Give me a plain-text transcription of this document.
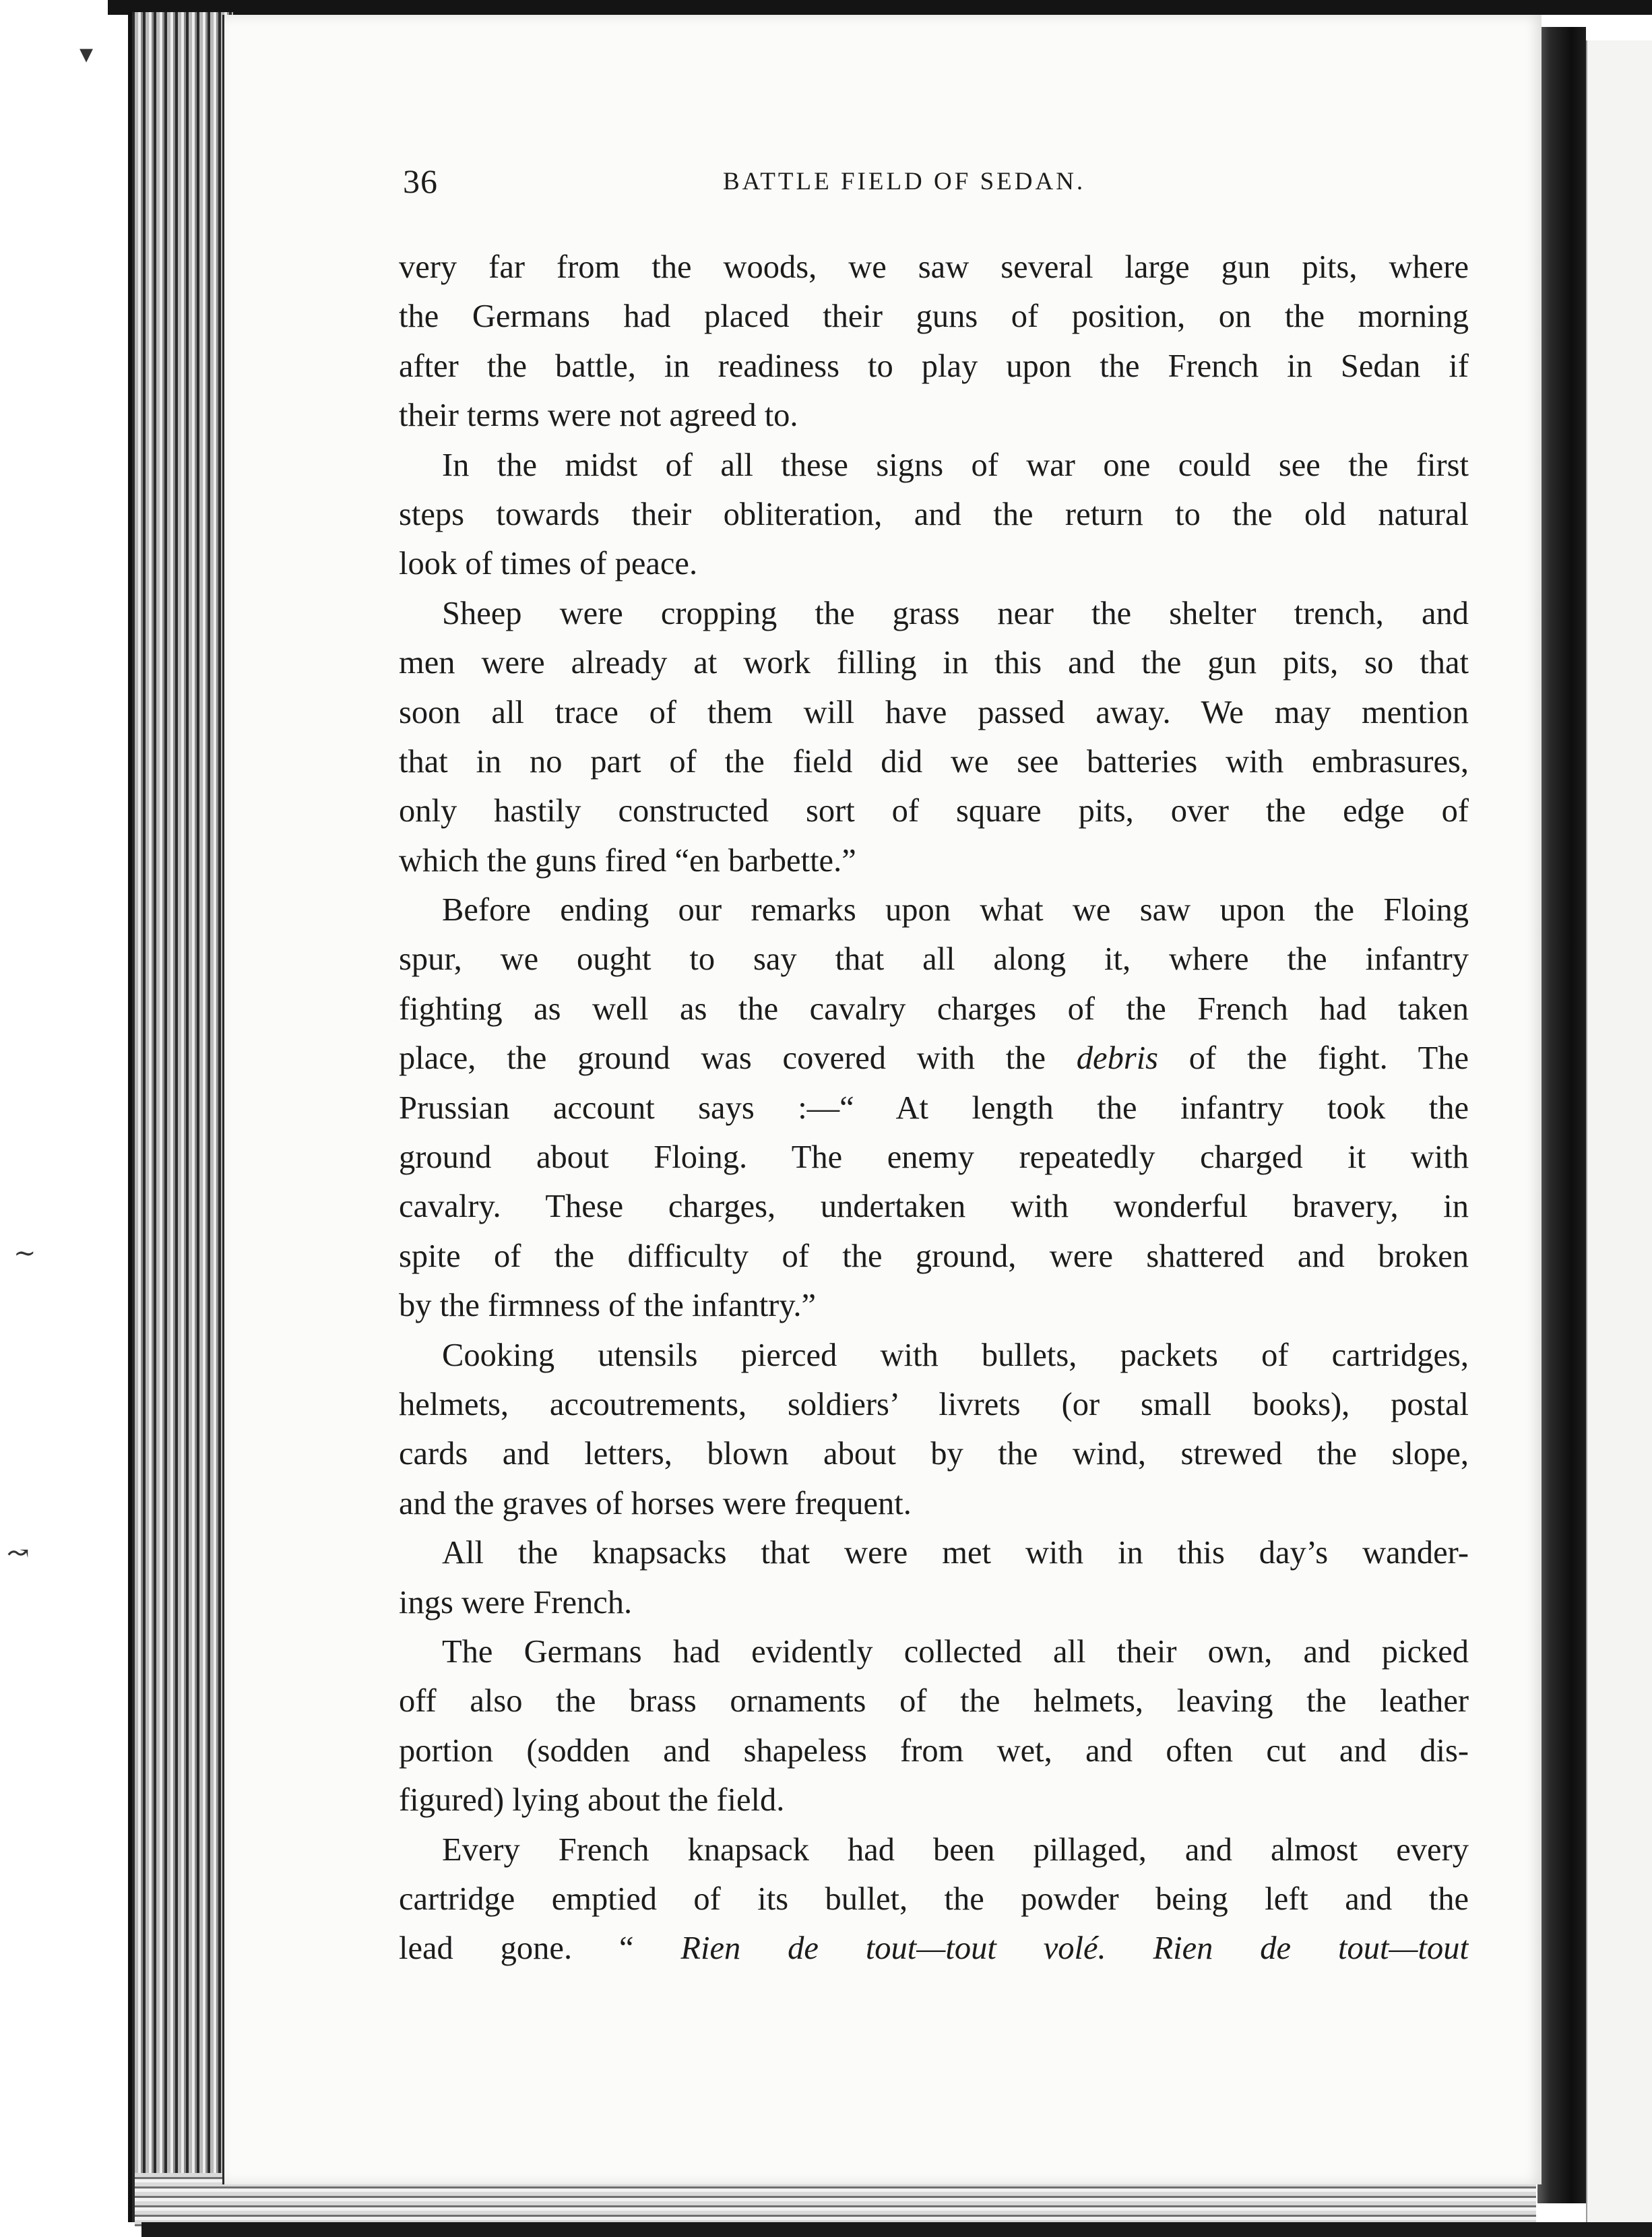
▾
∼
↝
36	BATTLE FIELD OF SEDAN.
very far from the woods, we saw several large gun pits, where
the Germans had placed their guns of position, on the morning
after the battle, in readiness to play upon the French in Sedan if
their terms were not agreed to.
In the midst of all these signs of war one could see the first
steps towards their obliteration, and the return to the old natural
look of times of peace.
Sheep were cropping the grass near the shelter trench, and
men were already at work filling in this and the gun pits, so that
soon all trace of them will have passed away. We may mention
that in no part of the field did we see batteries with embrasures,
only hastily constructed sort of square pits, over the edge of
which the guns fired “en barbette.”
Before ending our remarks upon what we saw upon the Floing
spur, we ought to say that all along it, where the infantry
fighting as well as the cavalry charges of the French had taken
place, the ground was covered with the debris of the fight. The
Prussian account says :—“ At length the infantry took the
ground about Floing. The enemy repeatedly charged it with
cavalry. These charges, undertaken with wonderful bravery, in
spite of the difficulty of the ground, were shattered and broken
by the firmness of the infantry.”
Cooking utensils pierced with bullets, packets of cartridges,
helmets, accoutrements, soldiers’ livrets (or small books), postal
cards and letters, blown about by the wind, strewed the slope,
and the graves of horses were frequent.
All the knapsacks that were met with in this day’s wander-
ings were French.
The Germans had evidently collected all their own, and picked
off also the brass ornaments of the helmets, leaving the leather
portion (sodden and shapeless from wet, and often cut and dis-
figured) lying about the field.
Every French knapsack had been pillaged, and almost every
cartridge emptied of its bullet, the powder being left and the
lead gone. “ Rien de tout—tout volé. Rien de tout—tout
